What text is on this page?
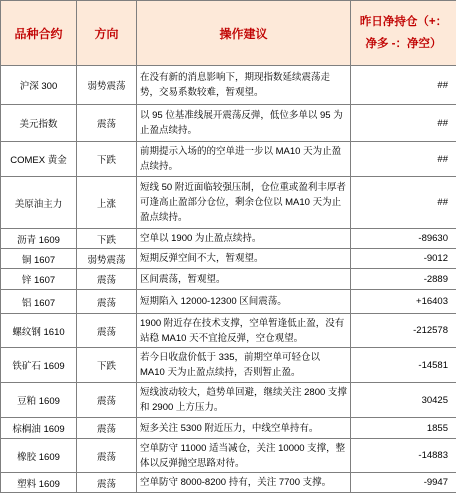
品种合约	方向	操作建议	昨日净持仓（+：
净多 -：净空）

沪深 300	弱势震荡	在没有新的消息影响下，期现指数延续震荡走势，交易系数较难，暂观望。	##
美元指数	震荡	以 95 位基准线展开震荡反弹，低位多单以 95 为止盈点续持。	##
COMEX 黄金	下跌	前期提示入场的的空单进一步以 MA10 天为止盈点续持。	##
美原油主力	上涨	短线 50 附近面临较强压制，仓位重或盈利丰厚者可逢高止盈部分仓位，剩余仓位以 MA10 天为止盈点续持。	##
沥青 1609	下跌	空单以 1900 为止盈点续持。	-89630
铜 1607	弱势震荡	短期反弹空间不大，暂观望。	-9012
锌 1607	震荡	区间震荡，暂观望。	-2889
铝 1607	震荡	短期陷入 12000-12300 区间震荡。	+16403
螺纹钢 1610	震荡	1900 附近存在技术支撑，空单暂逢低止盈，没有站稳 MA10 天不宜抢反弹，空仓观望。	-212578
铁矿石 1609	下跌	若今日收盘价低于 335，前期空单可轻仓以 MA10 天为止盈点续持，否则暂止盈。	-14581
豆粕 1609	震荡	短线波动较大，趋势单回避，继续关注 2800 支撑和 2900 上方压力。	30425
棕榈油 1609	震荡	短多关注 5300 附近压力，中线空单持有。	1855
橡胶 1609	震荡	空单防守 11000 适当减仓，关注 10000 支撑，整体以反弹抛空思路对待。	-14883
塑料 1609	震荡	空单防守 8000-8200 持有，关注 7700 支撑。	-9947
